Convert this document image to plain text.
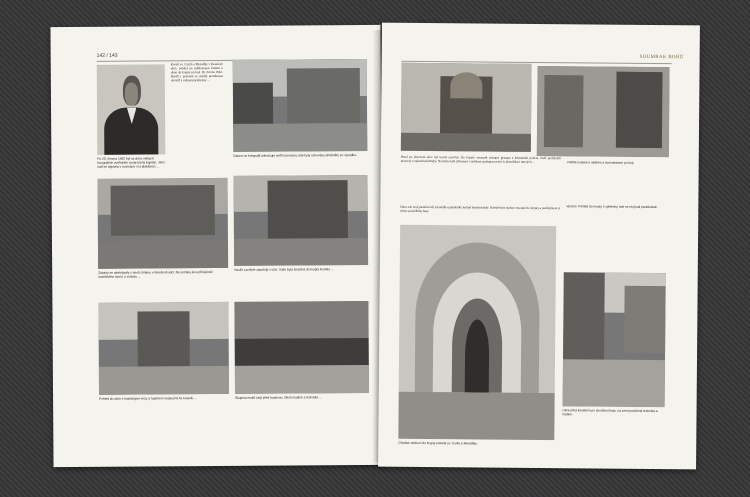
142 / 143
Po 20. června 1942 byl na dvou velkých fotografiích zveřejněn vyobrazený kapitán. Jeho tvář se objevila v novinách i na plakátech ...
Kostel sv. Cyrila a Metoděje v Resslově ulici, pohled na poškozenou fasádu a okno do krypty po boji 18. června 1942. Hasiči i policisté se snažili proniknout dovnitř a vyhnat parašutisty ...
Datum na fotografii zobrazuje vnitřní prostory, kde byly uchovány předměty po výsadku.
Zásahy se odehrávaly v okolí chrámu v Resslově ulici. Na snímku jsou příslušníci hasičského sboru u vchodu ...
Hasiči a policie zasahují v ulici. Voda byla čerpána do krypty kostela ...
Pohled do ulice s hasičskými vozy a hadicemi vedenými ke kostelu ...	Skupina mužů stojí před budovou. Okolo hadice a technika ...
SOUMRAK BOHŮ
Hned po skončení akce byl kostel uzavřen. Do krypty vstoupili zástupci gestapa a kriminální policie, kteří prohledali prostory a zajistili předměty. Na místo byli přivezeni i zadržení spolupracovníci k identifikaci mrtvých ...	Vnitřek kostela s oltářem a ikonostasem po boji.
Dnes zde stojí pamětní síň národního památníku hrdinů heydrichiády. Návštěvníci mohou vstoupit do krypty a prohlédnout si místo posledního boje.
Chodba vedoucí do krypty kostela sv. Cyrila a Metoděje.
Ulice před kostelem po skončení boje, na zemi poničená technika a hadice.
Vpravo: Pohled do krypty s výklenky, kde se ukrývali parašutisté.
